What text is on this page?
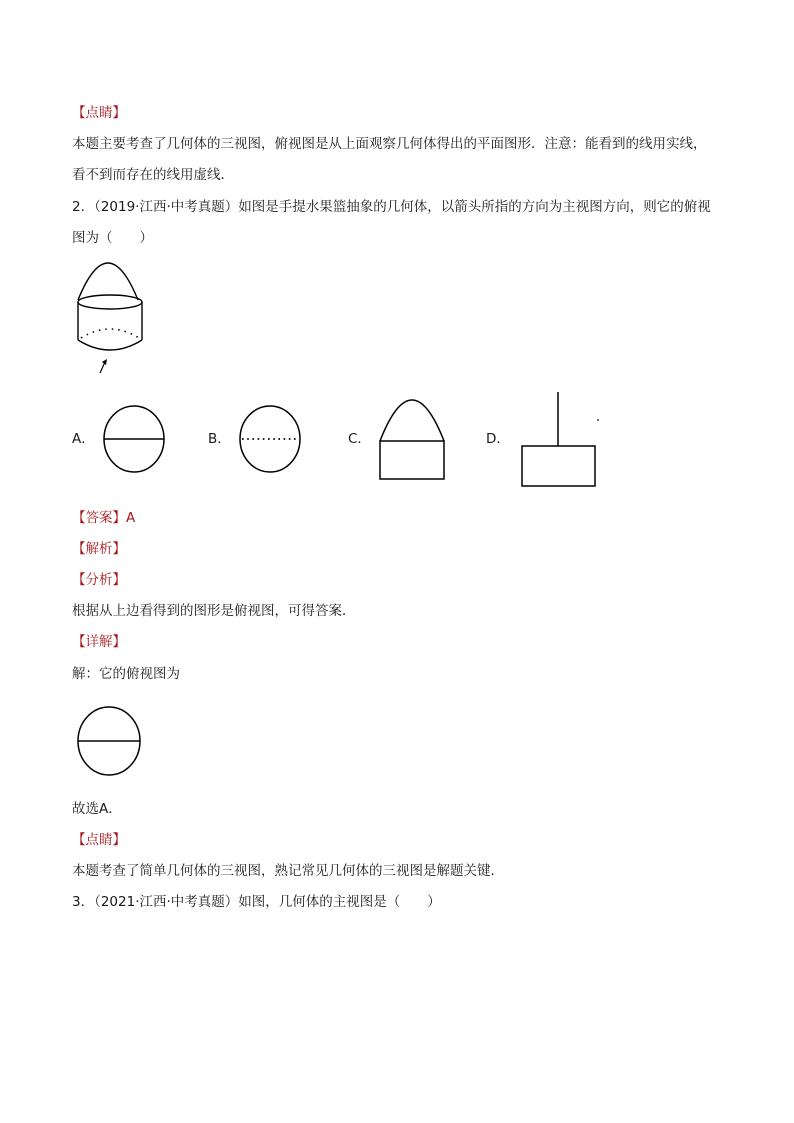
【点睛】
本题主要考查了几何体的三视图，俯视图是从上面观察几何体得出的平面图形．注意：能看到的线用实线，
看不到而存在的线用虚线．
2．（2019·江西·中考真题）如图是手提水果篮抽象的几何体，以箭头所指的方向为主视图方向，则它的俯视
图为（　　）
A．	B．	C．	D．
【答案】A
【解析】
【分析】
根据从上边看得到的图形是俯视图，可得答案．
【详解】
解：它的俯视图为
故选A．
【点睛】
本题考查了简单几何体的三视图，熟记常见几何体的三视图是解题关键．
3．（2021·江西·中考真题）如图，几何体的主视图是（　　）
